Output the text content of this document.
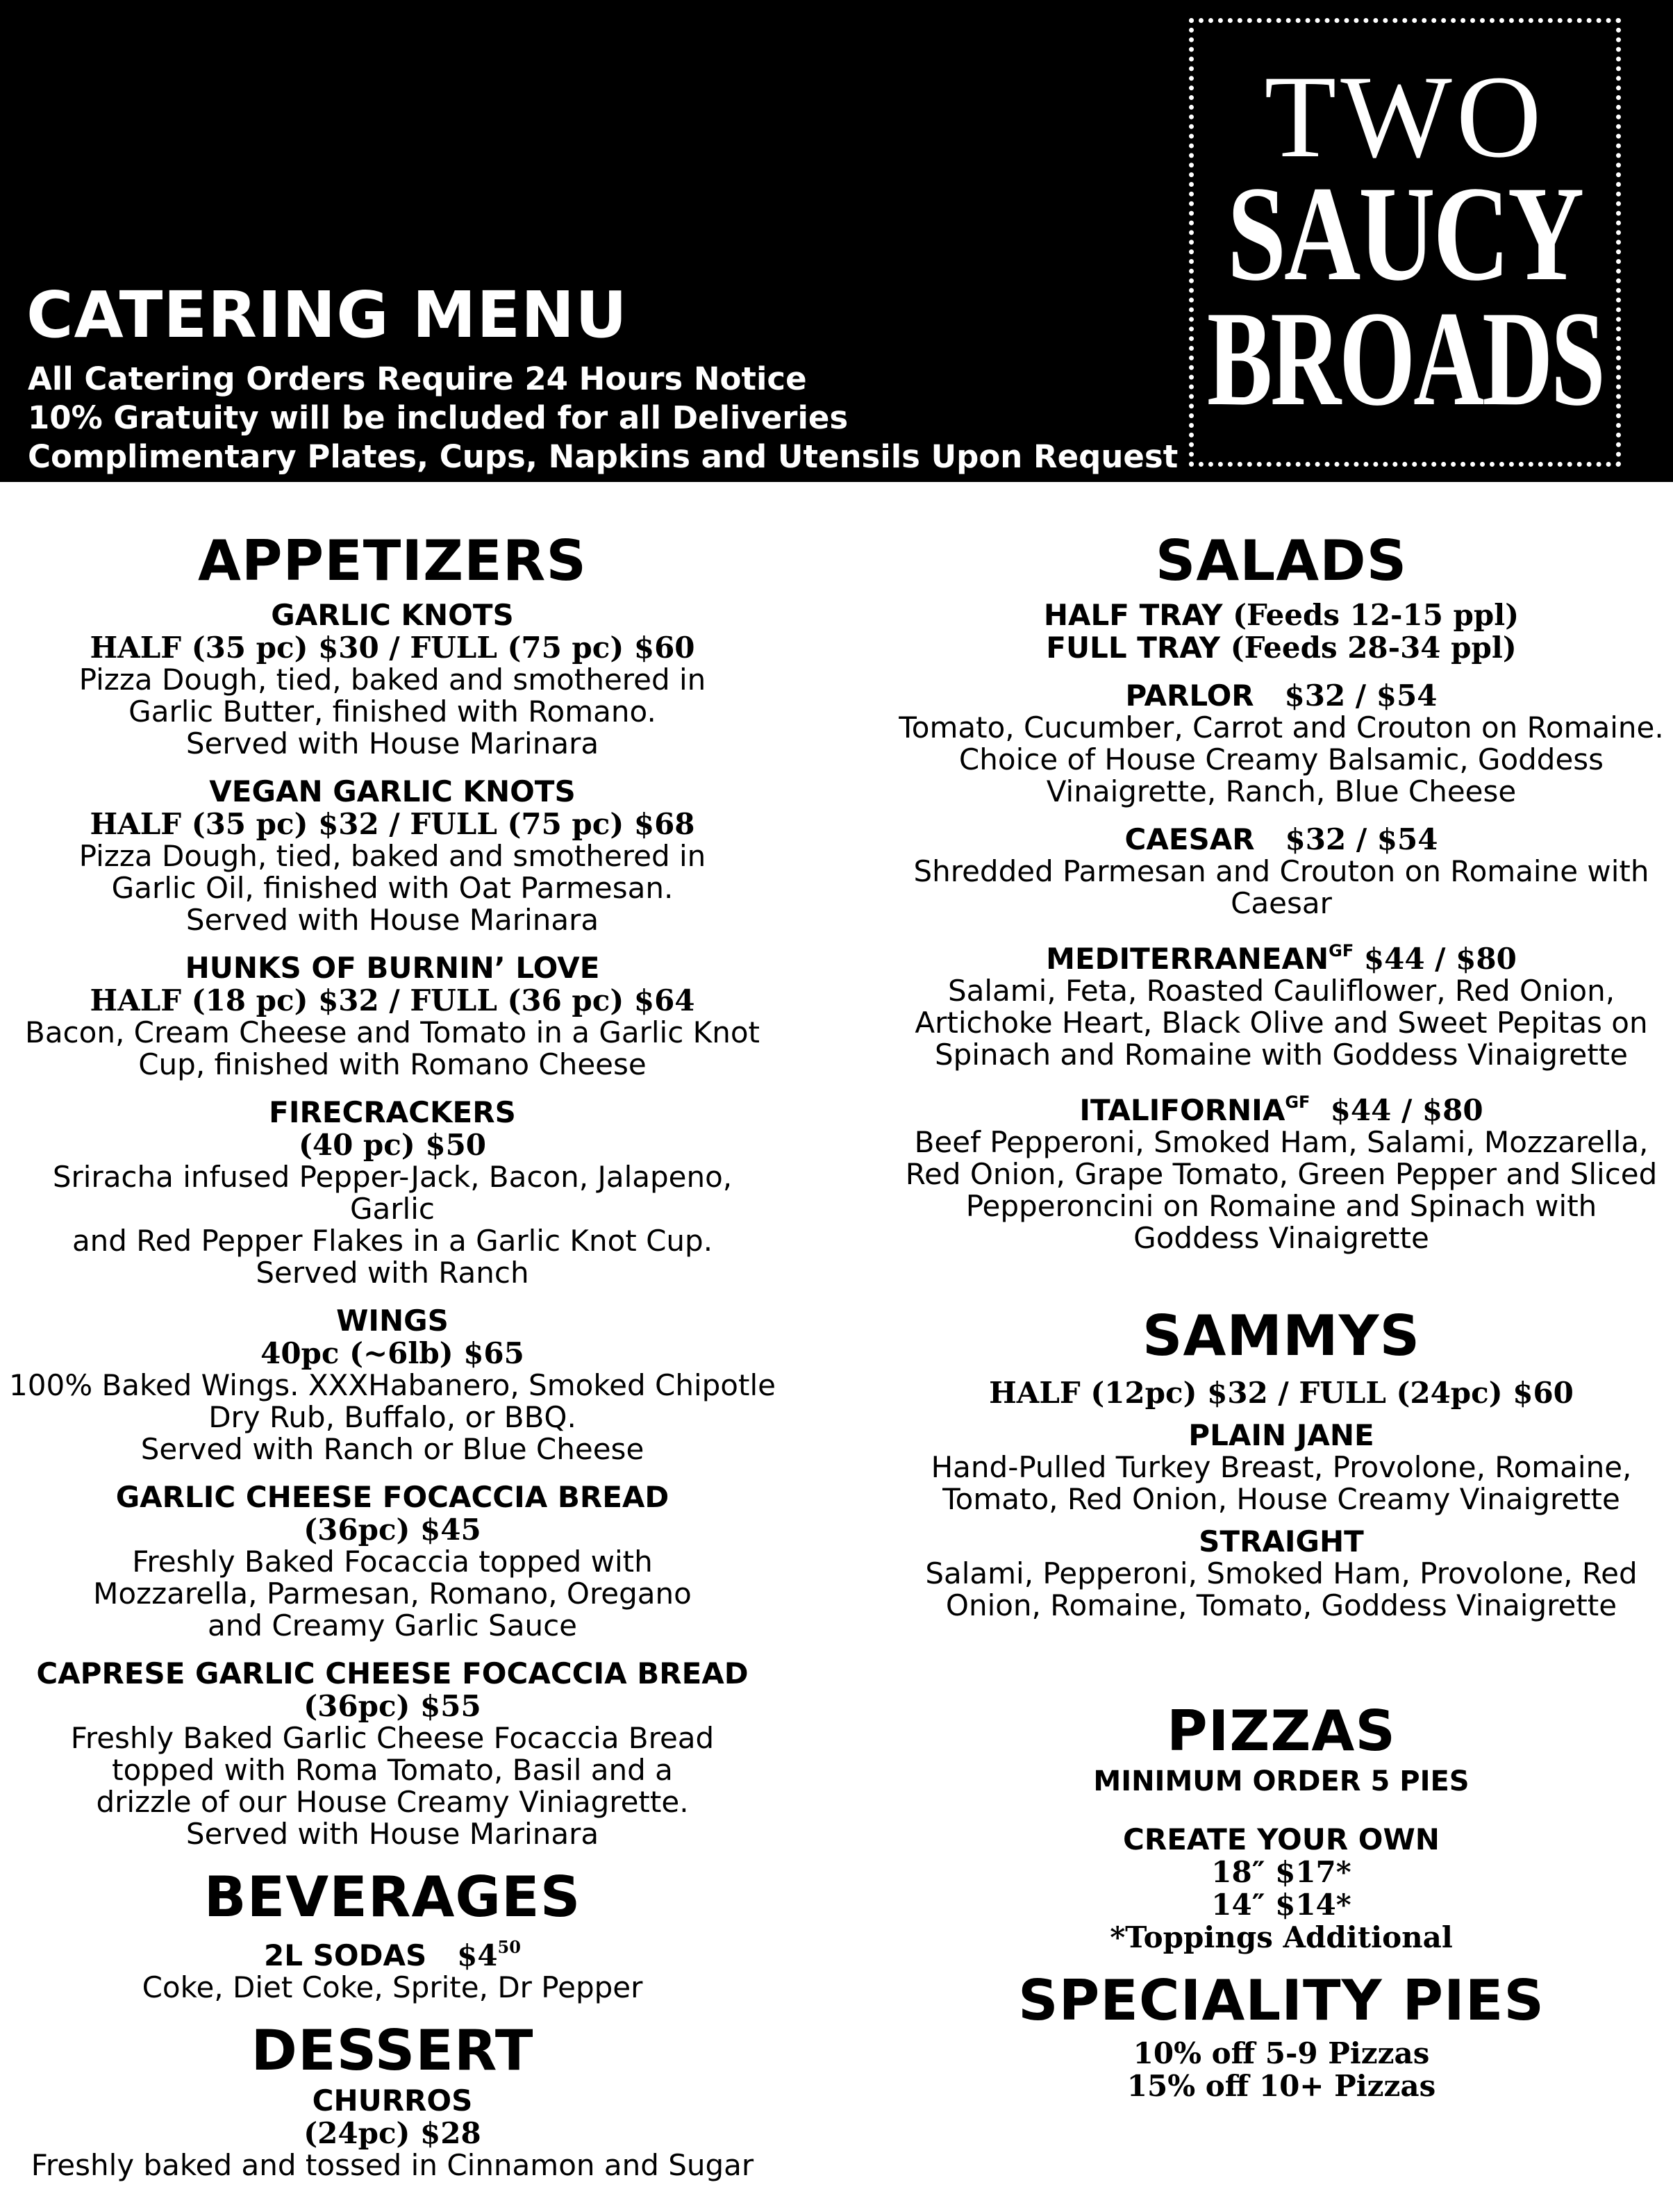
CATERING MENU
All Catering Orders Require 24 Hours Notice
10% Gratuity will be included for all Deliveries
Complimentary Plates, Cups, Napkins and Utensils Upon Request
TWO
SAUCY
BROADS
APPETIZERS
GARLIC KNOTS
HALF (35 pc) $30 / FULL (75 pc) $60
Pizza Dough, tied, baked and smothered in
Garlic Butter, finished with Romano.
Served with House Marinara
VEGAN GARLIC KNOTS
HALF (35 pc) $32 / FULL (75 pc) $68
Pizza Dough, tied, baked and smothered in
Garlic Oil, finished with Oat Parmesan.
Served with House Marinara
HUNKS OF BURNIN’ LOVE
HALF (18 pc) $32 / FULL (36 pc) $64
Bacon, Cream Cheese and Tomato in a Garlic Knot
Cup, finished with Romano Cheese
FIRECRACKERS
(40 pc) $50
Sriracha infused Pepper-Jack, Bacon, Jalapeno, Garlic
and Red Pepper Flakes in a Garlic Knot Cup.
Served with Ranch
WINGS
40pc (~6lb) $65
100% Baked Wings. XXXHabanero, Smoked Chipotle
Dry Rub, Buffalo, or BBQ.
Served with Ranch or Blue Cheese
GARLIC CHEESE FOCACCIA BREAD
(36pc) $45
Freshly Baked Focaccia topped with
Mozzarella, Parmesan, Romano, Oregano
and Creamy Garlic Sauce
CAPRESE GARLIC CHEESE FOCACCIA BREAD
(36pc) $55
Freshly Baked Garlic Cheese Focaccia Bread
topped with Roma Tomato, Basil and a
drizzle of our House Creamy Viniagrette.
Served with House Marinara
BEVERAGES
2L SODAS $\$4^{50}$
Coke, Diet Coke, Sprite, Dr Pepper
DESSERT
CHURROS
(24pc) $28
Freshly baked and tossed in Cinnamon and Sugar
SALADS
HALF TRAY (Feeds 12-15 ppl)
FULL TRAY (Feeds 28-34 ppl)
PARLOR $32 / $54
Tomato, Cucumber, Carrot and Crouton on Romaine.
Choice of House Creamy Balsamic, Goddess
Vinaigrette, Ranch, Blue Cheese
CAESAR $32 / $54
Shredded Parmesan and Crouton on Romaine with
Caesar
$MEDITERRANEAN^{GF}$ $44 / $80
Salami, Feta, Roasted Cauliflower, Red Onion,
Artichoke Heart, Black Olive and Sweet Pepitas on
Spinach and Romaine with Goddess Vinaigrette
$ITALIFORNIA^{GF}$ $44 / $80
Beef Pepperoni, Smoked Ham, Salami, Mozzarella,
Red Onion, Grape Tomato, Green Pepper and Sliced
Pepperoncini on Romaine and Spinach with
Goddess Vinaigrette
SAMMYS
HALF (12pc) $32 / FULL (24pc) $60
PLAIN JANE
Hand-Pulled Turkey Breast, Provolone, Romaine,
Tomato, Red Onion, House Creamy Vinaigrette
STRAIGHT
Salami, Pepperoni, Smoked Ham, Provolone, Red
Onion, Romaine, Tomato, Goddess Vinaigrette
PIZZAS
MINIMUM ORDER 5 PIES
CREATE YOUR OWN
18″ $17*
14″ $14*
*Toppings Additional
SPECIALITY PIES
10% off 5-9 Pizzas
15% off 10+ Pizzas
